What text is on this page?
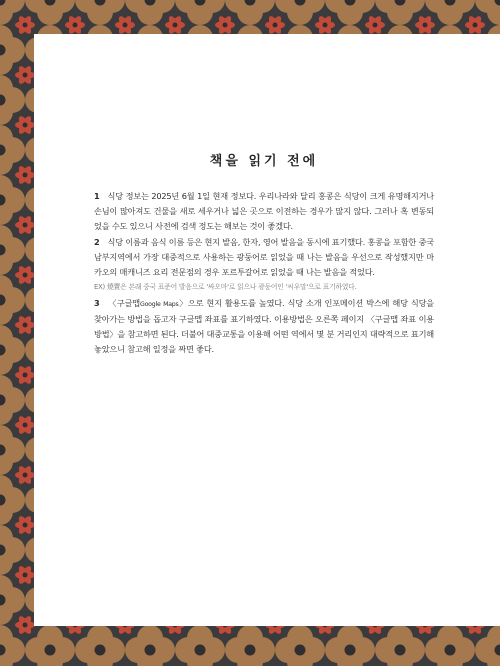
책을 읽기 전에

1 식당 정보는 2025년 6월 1일 현재 정보다. 우리나라와 달리 홍콩은 식당이 크게 유명해지거나 손님이 많아져도 건물을 새로 세우거나 넓은 곳으로 이전하는 경우가 많지 않다. 그러나 혹 변동되었을 수도 있으니 사전에 검색 정도는 해보는 것이 좋겠다.

2 식당 이름과 음식 이름 등은 현지 발음, 한자, 영어 발음을 동시에 표기했다. 홍콩을 포함한 중국 남부지역에서 가장 대중적으로 사용하는 광둥어로 읽었을 때 나는 발음을 우선으로 작성했지만 마카오의 매캐니즈 요리 전문점의 경우 포르투갈어로 읽었을 때 나는 발음을 적었다.

EX) 燒賣은 본래 중국 표준어 발음으로 '싸오마'로 읽으나 광둥어인 '씨우말'으로 표기하였다.

3 〈구글맵Google Maps〉으로 현지 활용도를 높였다. 식당 소개 인포메이션 박스에 해당 식당을 찾아가는 방법을 돕고자 구글맵 좌표를 표기하였다. 이용방법은 오른쪽 페이지 〈구글맵 좌표 이용방법〉을 참고하면 된다. 더불어 대중교통을 이용해 어떤 역에서 몇 분 거리인지 대략적으로 표기해놓았으니 참고해 일정을 짜면 좋다.
